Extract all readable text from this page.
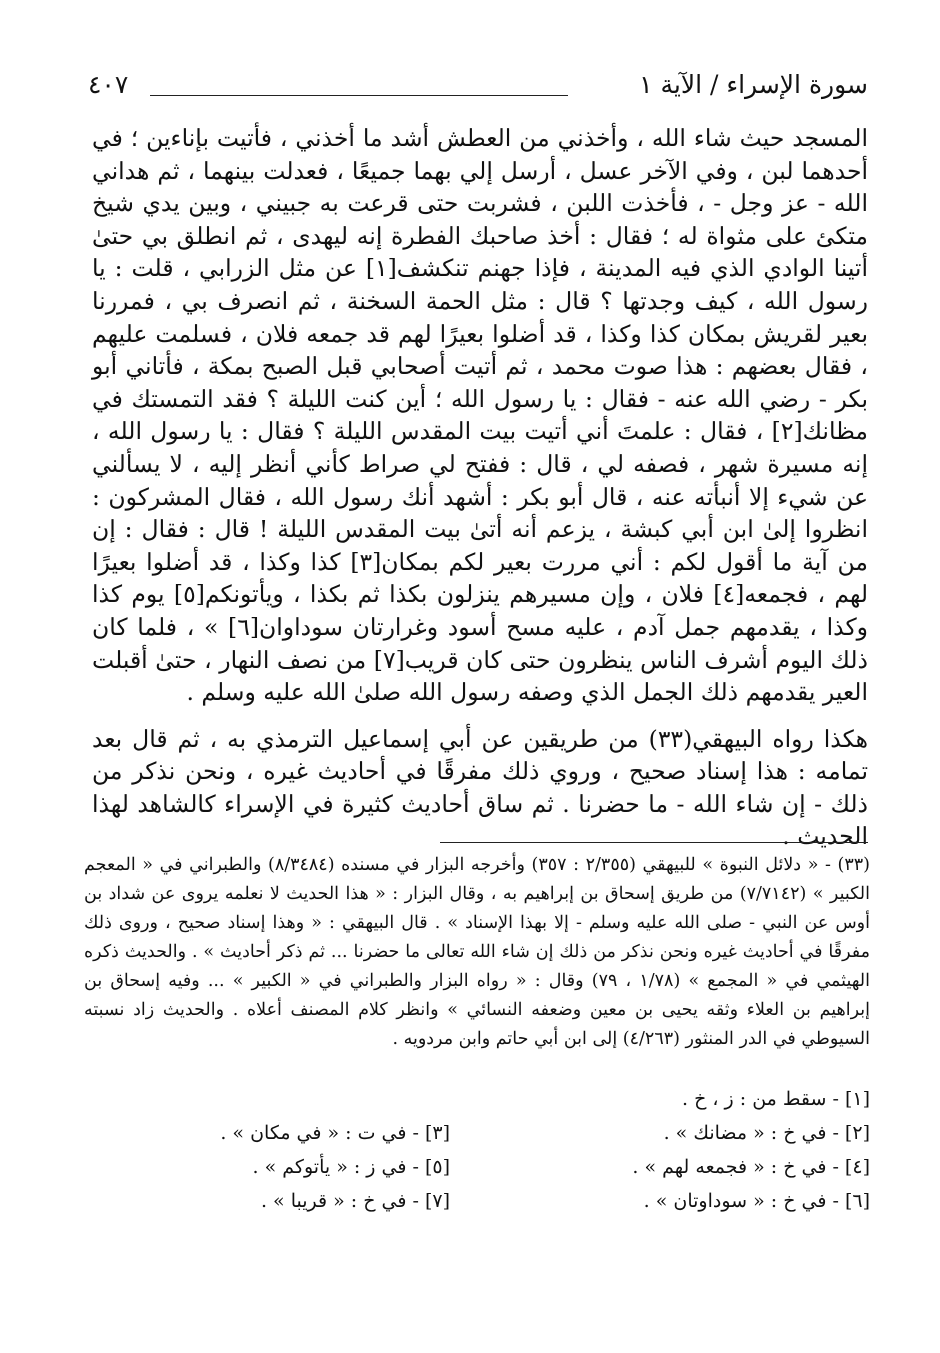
سورة الإسراء / الآية ١
٤٠٧

المسجد حيث شاء الله ، وأخذني من العطش أشد ما أخذني ، فأتيت بإناءين ؛ في أحدهما لبن ، وفي الآخر عسل ، أرسل إلي بهما جميعًا ، فعدلت بينهما ، ثم هداني الله - عز وجل - ، فأخذت اللبن ، فشربت حتى قرعت به جبيني ، وبين يدي شيخ متكئ على مثواة له ؛ فقال : أخذ صاحبك الفطرة إنه ليهدى ، ثم انطلق بي حتىٰ أتينا الوادي الذي فيه المدينة ، فإذا جهنم تنكشف[١] عن مثل الزرابي ، قلت : يا رسول الله ، كيف وجدتها ؟ قال : مثل الحمة السخنة ، ثم انصرف بي ، فمررنا بعير لقريش بمكان كذا وكذا ، قد أضلوا بعيرًا لهم قد جمعه فلان ، فسلمت عليهم ، فقال بعضهم : هذا صوت محمد ، ثم أتيت أصحابي قبل الصبح بمكة ، فأتاني أبو بكر - رضي الله عنه - فقال : يا رسول الله ؛ أين كنت الليلة ؟ فقد التمستك في مظانك[٢] ، فقال : علمتَ أني أتيت بيت المقدس الليلة ؟ فقال : يا رسول الله ، إنه مسيرة شهر ، فصفه لي ، قال : ففتح لي صراط كأني أنظر إليه ، لا يسألني عن شيء إلا أنبأته عنه ، قال أبو بكر : أشهد أنك رسول الله ، فقال المشركون : انظروا إلىٰ ابن أبي كبشة ، يزعم أنه أتىٰ بيت المقدس الليلة ! قال : فقال : إن من آية ما أقول لكم : أني مررت بعير لكم بمكان[٣] كذا وكذا ، قد أضلوا بعيرًا لهم ، فجمعه[٤] فلان ، وإن مسيرهم ينزلون بكذا ثم بكذا ، ويأتونكم[٥] يوم كذا وكذا ، يقدمهم جمل آدم ، عليه مسح أسود وغرارتان سوداوان[٦] » ، فلما كان ذلك اليوم أشرف الناس ينظرون حتى كان قريب[٧] من نصف النهار ، حتىٰ أقبلت العير يقدمهم ذلك الجمل الذي وصفه رسول الله صلىٰ الله عليه وسلم .

هكذا رواه البيهقي(٣٣) من طريقين عن أبي إسماعيل الترمذي به ، ثم قال بعد تمامه : هذا إسناد صحيح ، وروي ذلك مفرقًا في أحاديث غيره ، ونحن نذكر من ذلك - إن شاء الله - ما حضرنا . ثم ساق أحاديث كثيرة في الإسراء كالشاهد لهذا الحديث .

(٣٣) - « دلائل النبوة » للبيهقي (٢/٣٥٥ : ٣٥٧) وأخرجه البزار في مسنده (٨/٣٤٨٤) والطبراني في « المعجم الكبير » (٧/٧١٤٢) من طريق إسحاق بن إبراهيم به ، وقال البزار : « هذا الحديث لا نعلمه يروى عن شداد بن أوس عن النبي - صلى الله عليه وسلم - إلا بهذا الإسناد » . قال البيهقي : « وهذا إسناد صحيح ، وروى ذلك مفرقًا في أحاديث غيره ونحن نذكر من ذلك إن شاء الله تعالى ما حضرنا ... ثم ذكر أحاديث » . والحديث ذكره الهيثمي في « المجمع » (١/٧٨ ، ٧٩) وقال : « رواه البزار والطبراني في « الكبير » ... وفيه إسحاق بن إبراهيم بن العلاء وثقه يحيى بن معين وضعفه النسائي » وانظر كلام المصنف أعلاه . والحديث زاد نسبته السيوطي في الدر المنثور (٤/٢٦٣) إلى ابن أبي حاتم وابن مردويه .

[١] - سقط من : ز ، خ .
[٢] - في خ : « مضانك » .
[٣] - في ت : « في مكان » .
[٤] - في خ : « فجمعه لهم » .
[٥] - في ز : « يأتوكم » .
[٦] - في خ : « سوداوتان » .
[٧] - في خ : « قريبا » .
